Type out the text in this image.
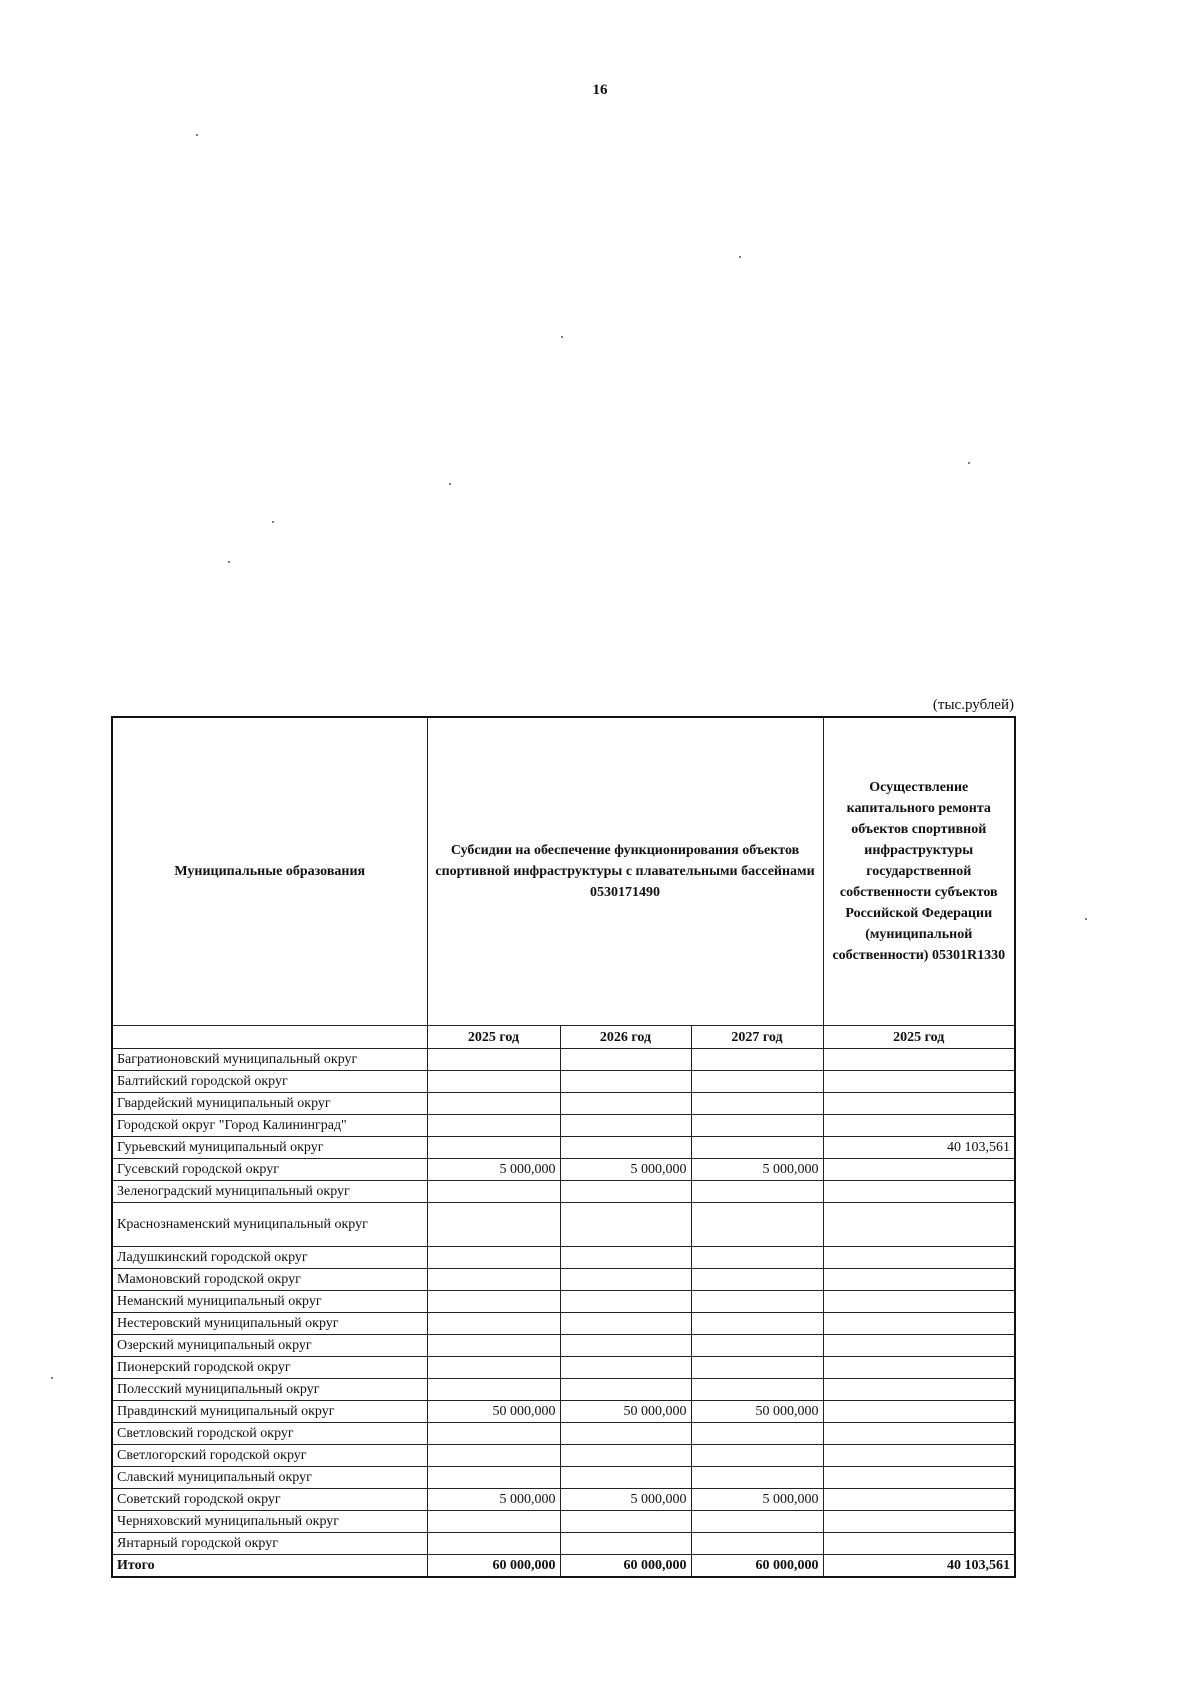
16
(тыс.рублей)
Муниципальные образования	Субсидии на обеспечение функционирования объектов спортивной инфраструктуры с плавательными бассейнами 0530171490			Осуществление капитального ремонта объектов спортивной инфраструктуры государственной собственности субъектов Российской Федерации (муниципальной собственности) 05301R1330
	2025 год	2026 год	2027 год	2025 год
Багратионовский муниципальный округ				
Балтийский городской округ				
Гвардейский муниципальный округ				
Городской округ "Город Калининград"				
Гурьевский муниципальный округ				40 103,561
Гусевский городской округ	5 000,000	5 000,000	5 000,000	
Зеленоградский муниципальный округ				
Краснознаменский муниципальный округ				
Ладушкинский городской округ				
Мамоновский городской округ				
Неманский муниципальный округ				
Нестеровский муниципальный округ				
Озерский муниципальный округ				
Пионерский городской округ				
Полесский муниципальный округ				
Правдинский муниципальный округ	50 000,000	50 000,000	50 000,000	
Светловский городской округ				
Светлогорский городской округ				
Славский муниципальный округ				
Советский городской округ	5 000,000	5 000,000	5 000,000	
Черняховский муниципальный округ				
Янтарный городской округ				
Итого	60 000,000	60 000,000	60 000,000	40 103,561
